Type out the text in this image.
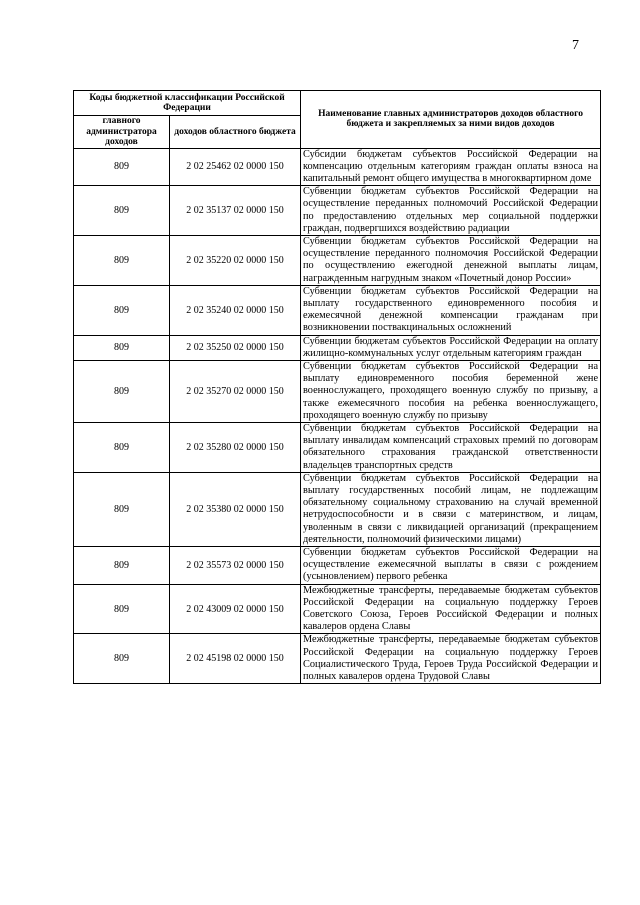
7
Коды бюджетной классификации Российской Федерации		Наименование главных администраторов доходов областного бюджета и закрепляемых за ними видов доходов
главного администратора доходов	доходов областного бюджета	
809	2 02 25462 02 0000 150	Субсидии бюджетам субъектов Российской Федерации на компенсацию отдельным категориям граждан оплаты взноса на капитальный ремонт общего имущества в многоквартирном доме
809	2 02 35137 02 0000 150	Субвенции бюджетам субъектов Российской Федерации на осуществление переданных полномочий Российской Федерации по предоставлению отдельных мер социальной поддержки граждан, подвергшихся воздействию радиации
809	2 02 35220 02 0000 150	Субвенции бюджетам субъектов Российской Федерации на осуществление переданного полномочия Российской Федерации по осуществлению ежегодной денежной выплаты лицам, награжденным нагрудным знаком «Почетный донор России»
809	2 02 35240 02 0000 150	Субвенции бюджетам субъектов Российской Федерации на выплату государственного единовременного пособия и ежемесячной денежной компенсации гражданам при возникновении поствакцинальных осложнений
809	2 02 35250 02 0000 150	Субвенции бюджетам субъектов Российской Федерации на оплату жилищно-коммунальных услуг отдельным категориям граждан
809	2 02 35270 02 0000 150	Субвенции бюджетам субъектов Российской Федерации на выплату единовременного пособия беременной жене военнослужащего, проходящего военную службу по призыву, а также ежемесячного пособия на ребенка военнослужащего, проходящего военную службу по призыву
809	2 02 35280 02 0000 150	Субвенции бюджетам субъектов Российской Федерации на выплату инвалидам компенсаций страховых премий по договорам обязательного страхования гражданской ответственности владельцев транспортных средств
809	2 02 35380 02 0000 150	Субвенции бюджетам субъектов Российской Федерации на выплату государственных пособий лицам, не подлежащим обязательному социальному страхованию на случай временной нетрудоспособности и в связи с материнством, и лицам, уволенным в связи с ликвидацией организаций (прекращением деятельности, полномочий физическими лицами)
809	2 02 35573 02 0000 150	Субвенции бюджетам субъектов Российской Федерации на осуществление ежемесячной выплаты в связи с рождением (усыновлением) первого ребенка
809	2 02 43009 02 0000 150	Межбюджетные трансферты, передаваемые бюджетам субъектов Российской Федерации на социальную поддержку Героев Советского Союза, Героев Российской Федерации и полных кавалеров ордена Славы
809	2 02 45198 02 0000 150	Межбюджетные трансферты, передаваемые бюджетам субъектов Российской Федерации на социальную поддержку Героев Социалистического Труда, Героев Труда Российской Федерации и полных кавалеров ордена Трудовой Славы
